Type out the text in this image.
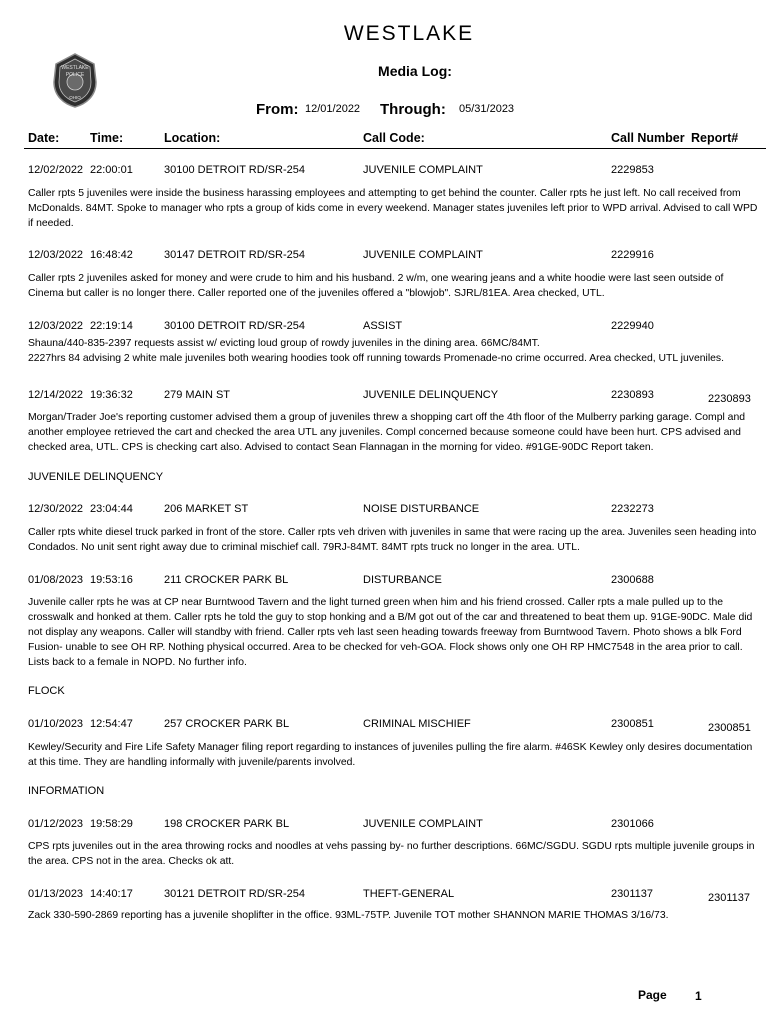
WESTLAKE
POLICE
OHIO
WESTLAKE
Media Log:
From: 12/01/2022 Through: 05/31/2023
Date: Time:	Location:	Call Code:	Call Number Report#
12/02/2022 22:00:01	30100 DETROIT RD/SR-254	JUVENILE COMPLAINT	2229853
Caller rpts 5 juveniles were inside the business harassing employees and attempting to get behind the counter. Caller rpts he just left. No call received from McDonalds. 84MT. Spoke to manager who rpts a group of kids come in every weekend. Manager states juveniles left prior to WPD arrival. Advised to call WPD if needed.
12/03/2022 16:48:42	30147 DETROIT RD/SR-254	JUVENILE COMPLAINT	2229916
Caller rpts 2 juveniles asked for money and were crude to him and his husband. 2 w/m, one wearing jeans and a white hoodie were last seen outside of Cinema but caller is no longer there. Caller reported one of the juveniles offered a "blowjob". SJRL/81EA. Area checked, UTL.
12/03/2022 22:19:14	30100 DETROIT RD/SR-254	ASSIST	2229940
Shauna/440-835-2397 requests assist w/ evicting loud group of rowdy juveniles in the dining area. 66MC/84MT.
2227hrs 84 advising 2 white male juveniles both wearing hoodies took off running towards Promenade-no crime occurred. Area checked, UTL juveniles.
12/14/2022 19:36:32	279 MAIN ST	JUVENILE DELINQUENCY	2230893	2230893
Morgan/Trader Joe's reporting customer advised them a group of juveniles threw a shopping cart off the 4th floor of the Mulberry parking garage. Compl and another employee retrieved the cart and checked the area UTL any juveniles. Compl concerned because someone could have been hurt. CPS advised and checked area, UTL. CPS is checking cart also. Advised to contact Sean Flannagan in the morning for video. #91GE-90DC Report taken.
JUVENILE DELINQUENCY
12/30/2022 23:04:44	206 MARKET ST	NOISE DISTURBANCE	2232273
Caller rpts white diesel truck parked in front of the store. Caller rpts veh driven with juveniles in same that were racing up the area. Juveniles seen heading into Condados. No unit sent right away due to criminal mischief call. 79RJ-84MT. 84MT rpts truck no longer in the area. UTL.
01/08/2023 19:53:16	211 CROCKER PARK BL	DISTURBANCE	2300688
Juvenile caller rpts he was at CP near Burntwood Tavern and the light turned green when him and his friend crossed. Caller rpts a male pulled up to the crosswalk and honked at them. Caller rpts he told the guy to stop honking and a B/M got out of the car and threatened to beat them up. 91GE-90DC. Male did not display any weapons. Caller will standby with friend. Caller rpts veh last seen heading towards freeway from Burntwood Tavern. Photo shows a blk Ford Fusion- unable to see OH RP. Nothing physical occurred. Area to be checked for veh-GOA. Flock shows only one OH RP HMC7548 in the area prior to call. Lists back to a female in NOPD. No further info.
FLOCK
01/10/2023 12:54:47	257 CROCKER PARK BL	CRIMINAL MISCHIEF	2300851	2300851
Kewley/Security and Fire Life Safety Manager filing report regarding to instances of juveniles pulling the fire alarm. #46SK Kewley only desires documentation at this time. They are handling informally with juvenile/parents involved.
INFORMATION
01/12/2023 19:58:29	198 CROCKER PARK BL	JUVENILE COMPLAINT	2301066
CPS rpts juveniles out in the area throwing rocks and noodles at vehs passing by- no further descriptions. 66MC/SGDU. SGDU rpts multiple juvenile groups in the area. CPS not in the area. Checks ok att.
01/13/2023 14:40:17	30121 DETROIT RD/SR-254	THEFT-GENERAL	2301137	2301137
Zack 330-590-2869 reporting has a juvenile shoplifter in the office. 93ML-75TP. Juvenile TOT mother SHANNON MARIE THOMAS 3/16/73.
Page 1
